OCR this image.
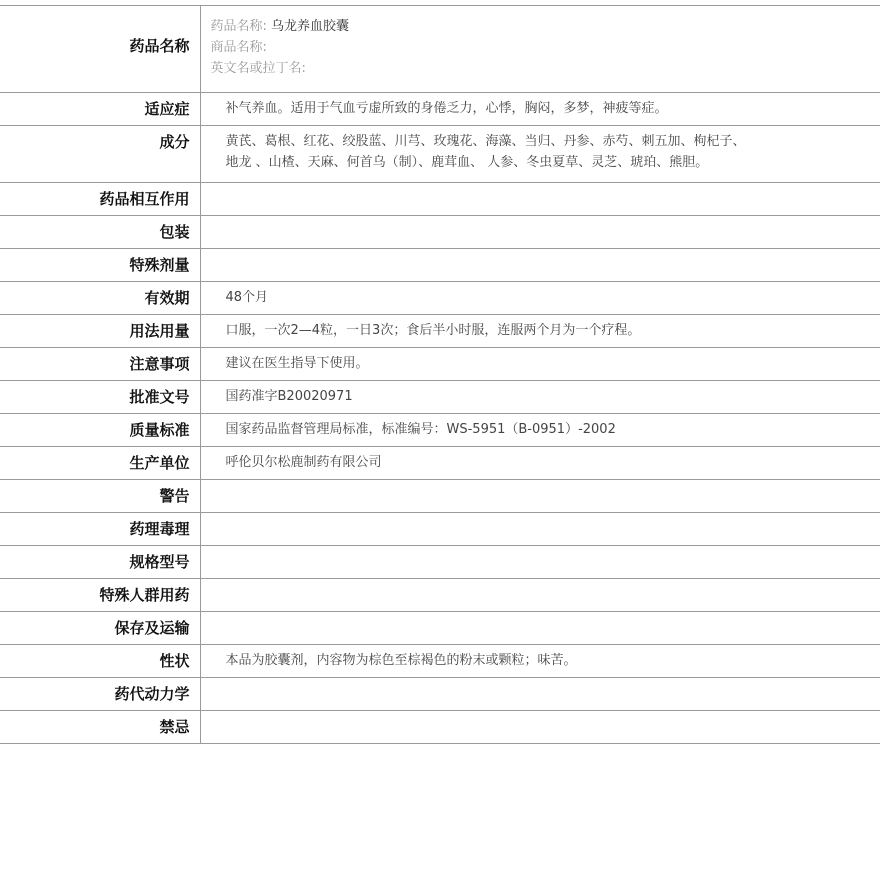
药品名称	药品名称: 乌龙养血胶囊
商品名称:
英文名或拉丁名:

适应症	补气养血。适用于气血亏虚所致的身倦乏力，心悸，胸闷，多梦，神疲等症。
成分	黄芪、葛根、红花、绞股蓝、川芎、玫瑰花、海藻、当归、丹参、赤芍、刺五加、枸杞子、
地龙 、山楂、天麻、何首乌（制）、鹿茸血、 人参、冬虫夏草、灵芝、琥珀、熊胆。

药品相互作用	
包装	
特殊剂量	
有效期	48个月
用法用量	口服，一次2—4粒，一日3次；食后半小时服，连服两个月为一个疗程。
注意事项	建议在医生指导下使用。
批准文号	国药准字B20020971
质量标准	国家药品监督管理局标准，标准编号：WS-5951（B-0951）-2002
生产单位	呼伦贝尔松鹿制药有限公司
警告	
药理毒理	
规格型号	
特殊人群用药	
保存及运输	
性状	本品为胶囊剂，内容物为棕色至棕褐色的粉末或颗粒；味苦。
药代动力学	
禁忌	
